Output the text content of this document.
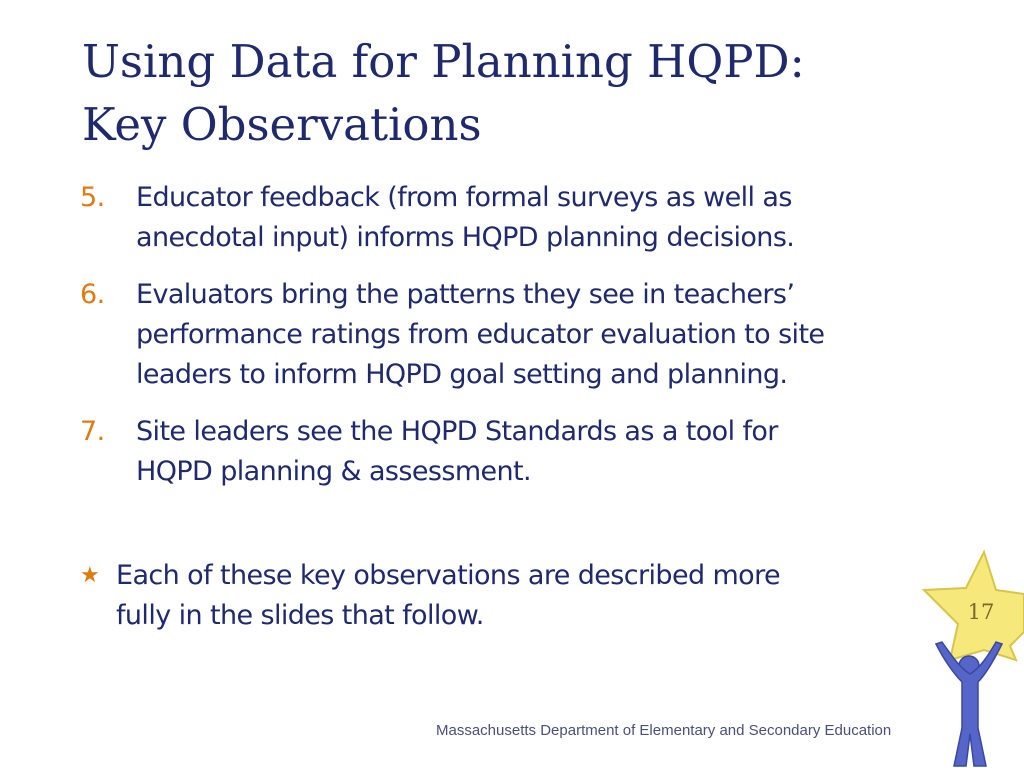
Using Data for Planning HQPD:
Key Observations
5.	Educator feedback (from formal surveys as well as
anecdotal input) informs HQPD planning decisions.
6.	Evaluators bring the patterns they see in teachers’
performance ratings from educator evaluation to site
leaders to inform HQPD goal setting and planning.
7.	Site leaders see the HQPD Standards as a tool for
HQPD planning & assessment.
★ Each of these key observations are described more
fully in the slides that follow.	17
Massachusetts Department of Elementary and Secondary Education
